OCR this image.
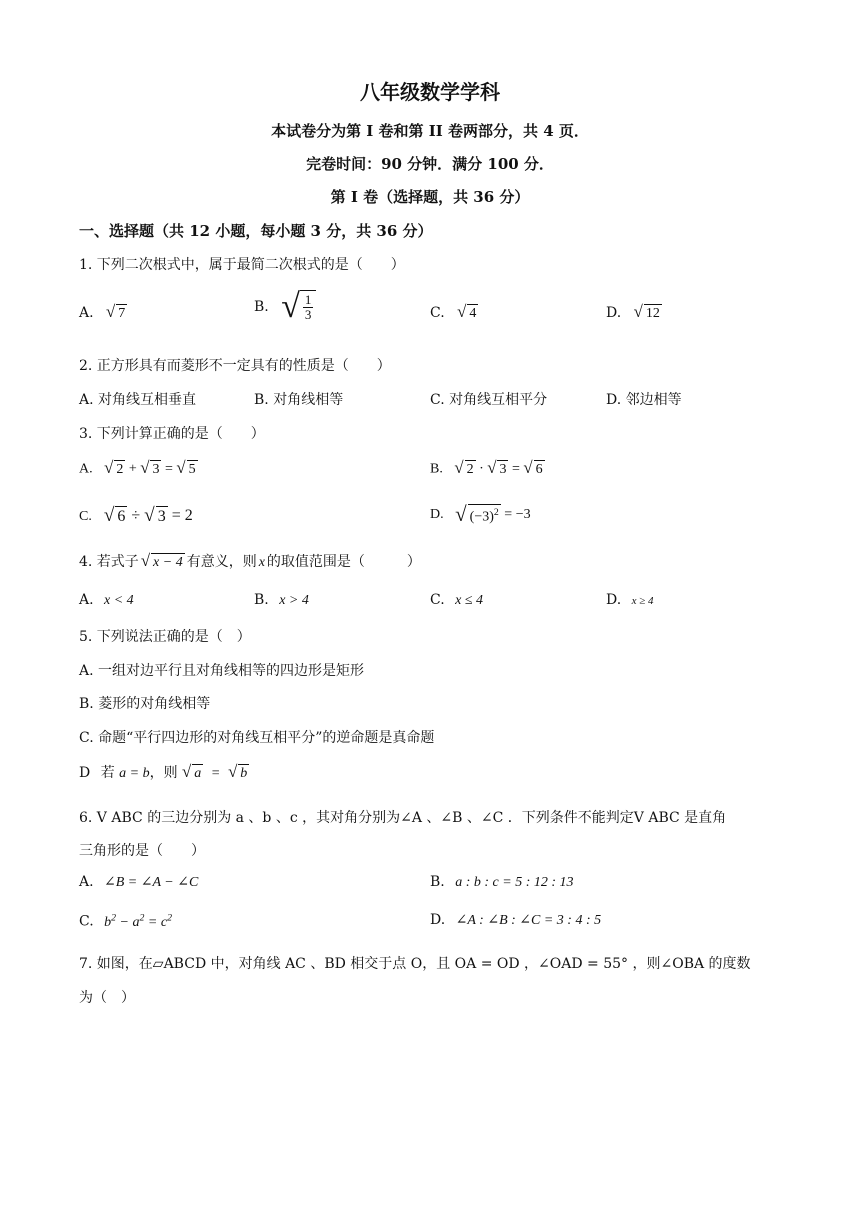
八年级数学学科
本试卷分为第 I 卷和第 II 卷两部分，共 4 页．
完卷时间：90 分钟．满分 100 分．
第 I 卷（选择题，共 36 分）
一、选择题（共 12 小题，每小题 3 分，共 36 分）
1. 下列二次根式中，属于最简二次根式的是（　　）
A. √ 7	B. √ $\frac{1}{3}$	C. √ 4	D. √ 12
2. 正方形具有而菱形不一定具有的性质是（　　）
A. 对角线互相垂直	B. 对角线相等	C. 对角线互相平分	D. 邻边相等
3. 下列计算正确的是（　　）
A. √ 2 + √ 3 = √ 5	B. √ 2 · √ 3 = √ 6
C. √ 6 ÷ √ 3 = 2	D. √ $(-3)^2 = -3$
4. 若式子 √ x − 4 有意义，则 x 的取值范围是（　　　）
A. x < 4	B. x > 4	C. x ≤ 4	D. x ≥ 4
5. 下列说法正确的是（　）
A. 一组对边平行且对角线相等的四边形是矩形
B. 菱形的对角线相等
C. 命题“平行四边形的对角线互相平分”的逆命题是真命题
D 若 a = b，则 √ a = √ b
6. V ABC 的三边分别为 a 、b 、c ，其对角分别为∠A 、∠B 、∠C ．下列条件不能判定V ABC 是直角
三角形的是（　　）
A. ∠B = ∠A − ∠C	B. a : b : c = 5 : 12 : 13
C. $b^2 - a^2 = c^2$	D. ∠A : ∠B : ∠C = 3 : 4 : 5
7. 如图，在▱ABCD 中，对角线 AC 、BD 相交于点 O，且 OA = OD ，∠OAD = 55° ，则∠OBA 的度数
为（　）
